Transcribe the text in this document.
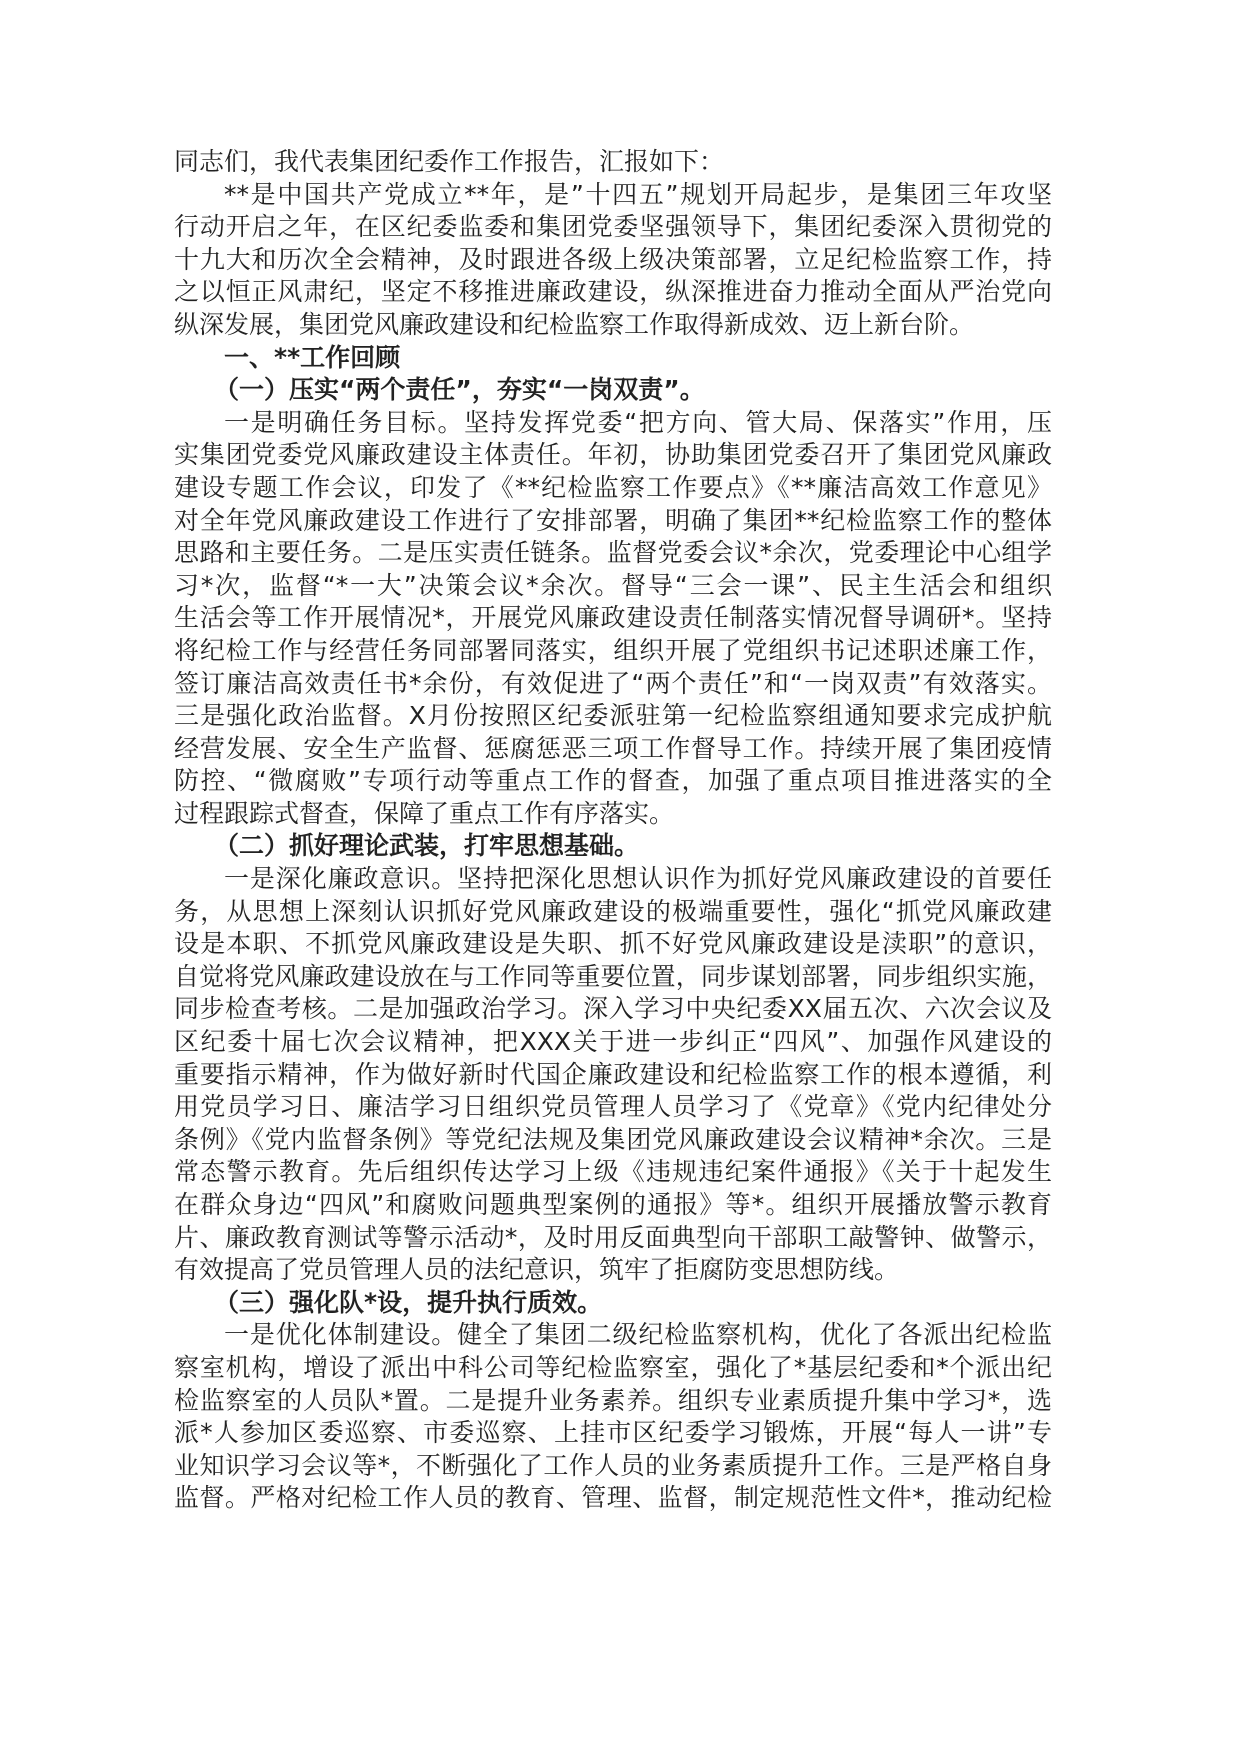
同志们，我代表集团纪委作工作报告，汇报如下：
**是中国共产党成立**年，是”十四五”规划开局起步，是集团三年攻坚
行动开启之年，在区纪委监委和集团党委坚强领导下，集团纪委深入贯彻党的
十九大和历次全会精神，及时跟进各级上级决策部署，立足纪检监察工作，持
之以恒正风肃纪，坚定不移推进廉政建设，纵深推进奋力推动全面从严治党向
纵深发展，集团党风廉政建设和纪检监察工作取得新成效、迈上新台阶。
一、**工作回顾
（一）压实“两个责任”，夯实“一岗双责”。
一是明确任务目标。坚持发挥党委“把方向、管大局、保落实”作用，压
实集团党委党风廉政建设主体责任。年初，协助集团党委召开了集团党风廉政
建设专题工作会议，印发了《**纪检监察工作要点》《**廉洁高效工作意见》
对全年党风廉政建设工作进行了安排部署，明确了集团**纪检监察工作的整体
思路和主要任务。二是压实责任链条。监督党委会议*余次，党委理论中心组学
习*次，监督“*一大”决策会议*余次。督导“三会一课”、民主生活会和组织
生活会等工作开展情况*，开展党风廉政建设责任制落实情况督导调研*。坚持
将纪检工作与经营任务同部署同落实，组织开展了党组织书记述职述廉工作，
签订廉洁高效责任书*余份，有效促进了“两个责任”和“一岗双责”有效落实。
三是强化政治监督。X月份按照区纪委派驻第一纪检监察组通知要求完成护航
经营发展、安全生产监督、惩腐惩恶三项工作督导工作。持续开展了集团疫情
防控、“微腐败”专项行动等重点工作的督查，加强了重点项目推进落实的全
过程跟踪式督查，保障了重点工作有序落实。
（二）抓好理论武装，打牢思想基础。
一是深化廉政意识。坚持把深化思想认识作为抓好党风廉政建设的首要任
务，从思想上深刻认识抓好党风廉政建设的极端重要性，强化“抓党风廉政建
设是本职、不抓党风廉政建设是失职、抓不好党风廉政建设是渎职”的意识，
自觉将党风廉政建设放在与工作同等重要位置，同步谋划部署，同步组织实施，
同步检查考核。二是加强政治学习。深入学习中央纪委XX届五次、六次会议及
区纪委十届七次会议精神，把XXX关于进一步纠正“四风”、加强作风建设的
重要指示精神，作为做好新时代国企廉政建设和纪检监察工作的根本遵循，利
用党员学习日、廉洁学习日组织党员管理人员学习了《党章》《党内纪律处分
条例》《党内监督条例》等党纪法规及集团党风廉政建设会议精神*余次。三是
常态警示教育。先后组织传达学习上级《违规违纪案件通报》《关于十起发生
在群众身边“四风”和腐败问题典型案例的通报》等*。组织开展播放警示教育
片、廉政教育测试等警示活动*，及时用反面典型向干部职工敲警钟、做警示，
有效提高了党员管理人员的法纪意识，筑牢了拒腐防变思想防线。
（三）强化队*设，提升执行质效。
一是优化体制建设。健全了集团二级纪检监察机构，优化了各派出纪检监
察室机构，增设了派出中科公司等纪检监察室，强化了*基层纪委和*个派出纪
检监察室的人员队*置。二是提升业务素养。组织专业素质提升集中学习*，选
派*人参加区委巡察、市委巡察、上挂市区纪委学习锻炼，开展“每人一讲”专
业知识学习会议等*，不断强化了工作人员的业务素质提升工作。三是严格自身
监督。严格对纪检工作人员的教育、管理、监督，制定规范性文件*，推动纪检
